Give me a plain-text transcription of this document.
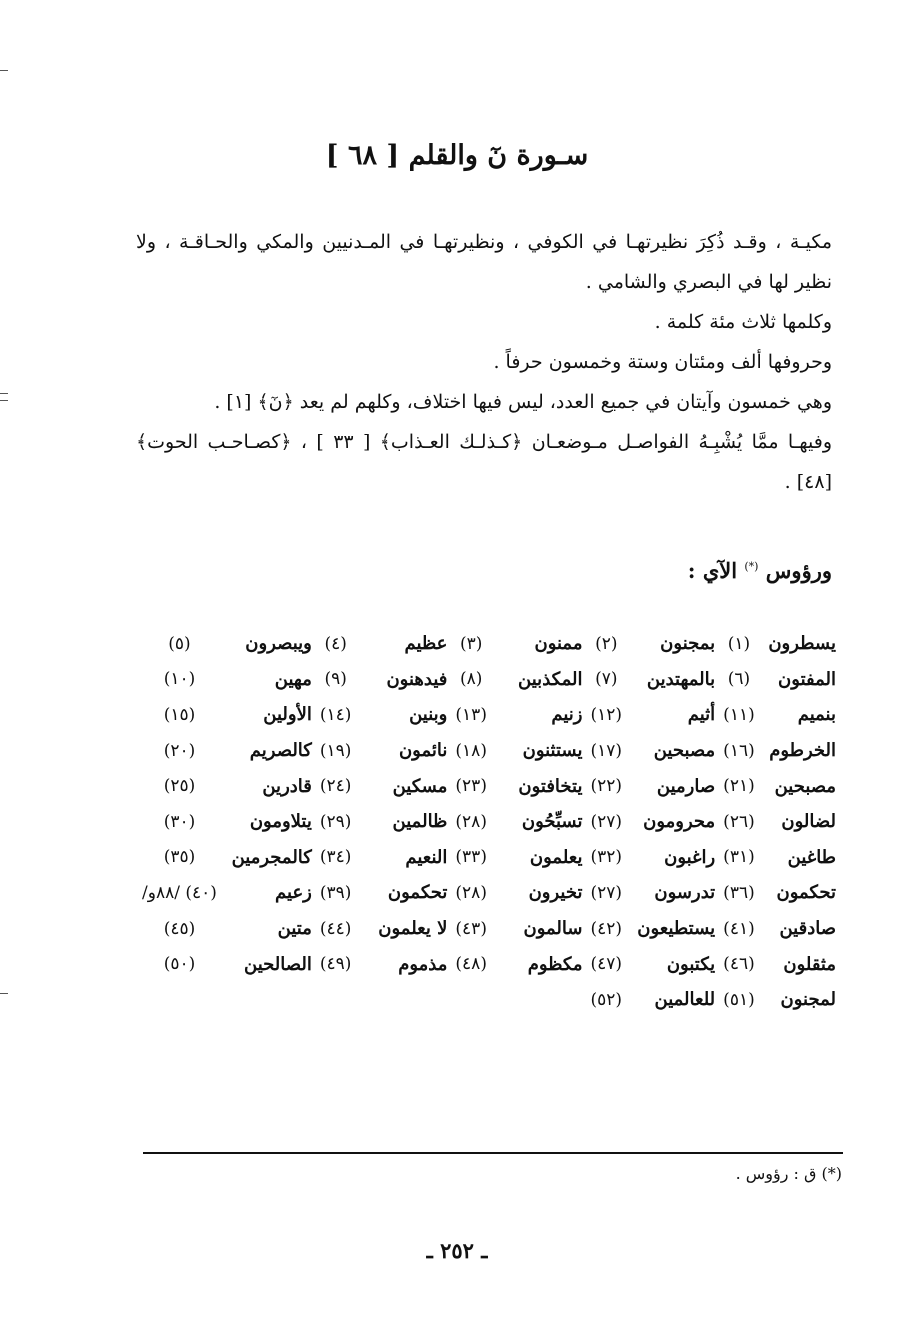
سـورة نٓ والقلم [ ٦٨ ]

مكيـة ، وقـد ذُكِرَ نظيرتهـا في الكوفي ، ونظيرتهـا في المـدنيين والمكي والحـاقـة ، ولا نظير لها في البصري والشامي .

وكلمها ثلاث مئة كلمة .

وحروفها ألف ومئتان وستة وخمسون حرفاً .

وهي خمسون وآيتان في جميع العدد، ليس فيها اختلاف، وكلهم لم يعد ﴿نٓ﴾ [١] .

وفيهـا ممَّا يُشْبِـهُ الفواصـل مـوضعـان ﴿كـذلـك العـذاب﴾ [ ٣٣ ] ، ﴿كصـاحـب الحوت﴾ [٤٨] .

ورؤوس (*) الآي :
يسطرون	(١)	بمجنون	(٢)	ممنون	(٣)	عظيم	(٤)	ويبصرون	(٥)
المفتون	(٦)	بالمهتدين	(٧)	المكذبين	(٨)	فيدهنون	(٩)	مهين	(١٠)
بنميم	(١١)	أثيم	(١٢)	زنيم	(١٣)	وبنين	(١٤)	الأولين	(١٥)
الخرطوم	(١٦)	مصبحين	(١٧)	يستثنون	(١٨)	نائمون	(١٩)	كالصريم	(٢٠)
مصبحين	(٢١)	صارمين	(٢٢)	يتخافتون	(٢٣)	مسكين	(٢٤)	قادرين	(٢٥)
لضالون	(٢٦)	محرومون	(٢٧)	تسبِّحُون	(٢٨)	ظالمين	(٢٩)	يتلاومون	(٣٠)
طاغين	(٣١)	راغبون	(٣٢)	يعلمون	(٣٣)	النعيم	(٣٤)	كالمجرمين	(٣٥)
تحكمون	(٣٦)	تدرسون	(٢٧)	تخيرون	(٢٨)	تحكمون	(٣٩)	زعيم	(٤٠) /٨٨و/
صادقين	(٤١)	يستطيعون	(٤٢)	سالمون	(٤٣)	لا يعلمون	(٤٤)	متين	(٤٥)
مثقلون	(٤٦)	يكتبون	(٤٧)	مكظوم	(٤٨)	مذموم	(٤٩)	الصالحين	(٥٠)
لمجنون	(٥١)	للعالمين	(٥٢)						
(*) ق : رؤوس .
ـ ٢٥٢ ـ
